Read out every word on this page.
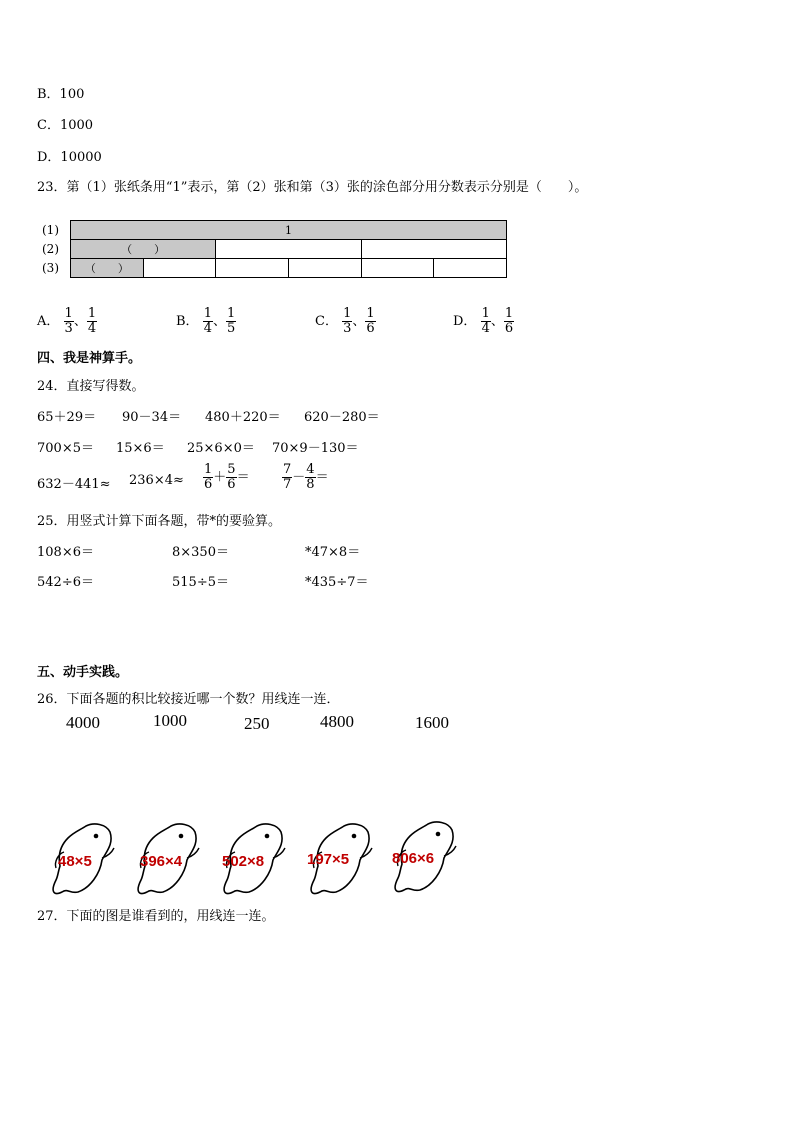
B．100
C．1000
D．10000
23．第（1）张纸条用“1”表示，第（2）张和第（3）张的涂色部分用分数表示分别是（　　）。
(1)	1
(2)	（　　）
(3)	（　　）
A． $\frac{1}{3}$ 、 $\frac{1}{4}$	B． $\frac{1}{4}$ 、 $\frac{1}{5}$	C． $\frac{1}{3}$ 、 $\frac{1}{6}$	D． $\frac{1}{4}$ 、 $\frac{1}{6}$
四、我是神算手。
24．直接写得数。
65＋29＝ 90－34＝ 480＋220＝ 620－280＝
700×5＝ 15×6＝ 25×6×0＝ 70×9－130＝
$632-441\approx 236\times 4\approx \frac{1}{6} + \frac{5}{6} = \frac{7}{7} - \frac{4}{8}$ ＝
25．用竖式计算下面各题，带*的要验算。
108×6＝	8×350＝	*47×8＝
542÷6＝	515÷5＝	*435÷7＝
五、动手实践。
26．下面各题的积比较接近哪一个数？用线连一连．
4000	1000	250	4800	1600
48×5	396×4	502×8	197×5	806×6
27．下面的图是谁看到的，用线连一连。
